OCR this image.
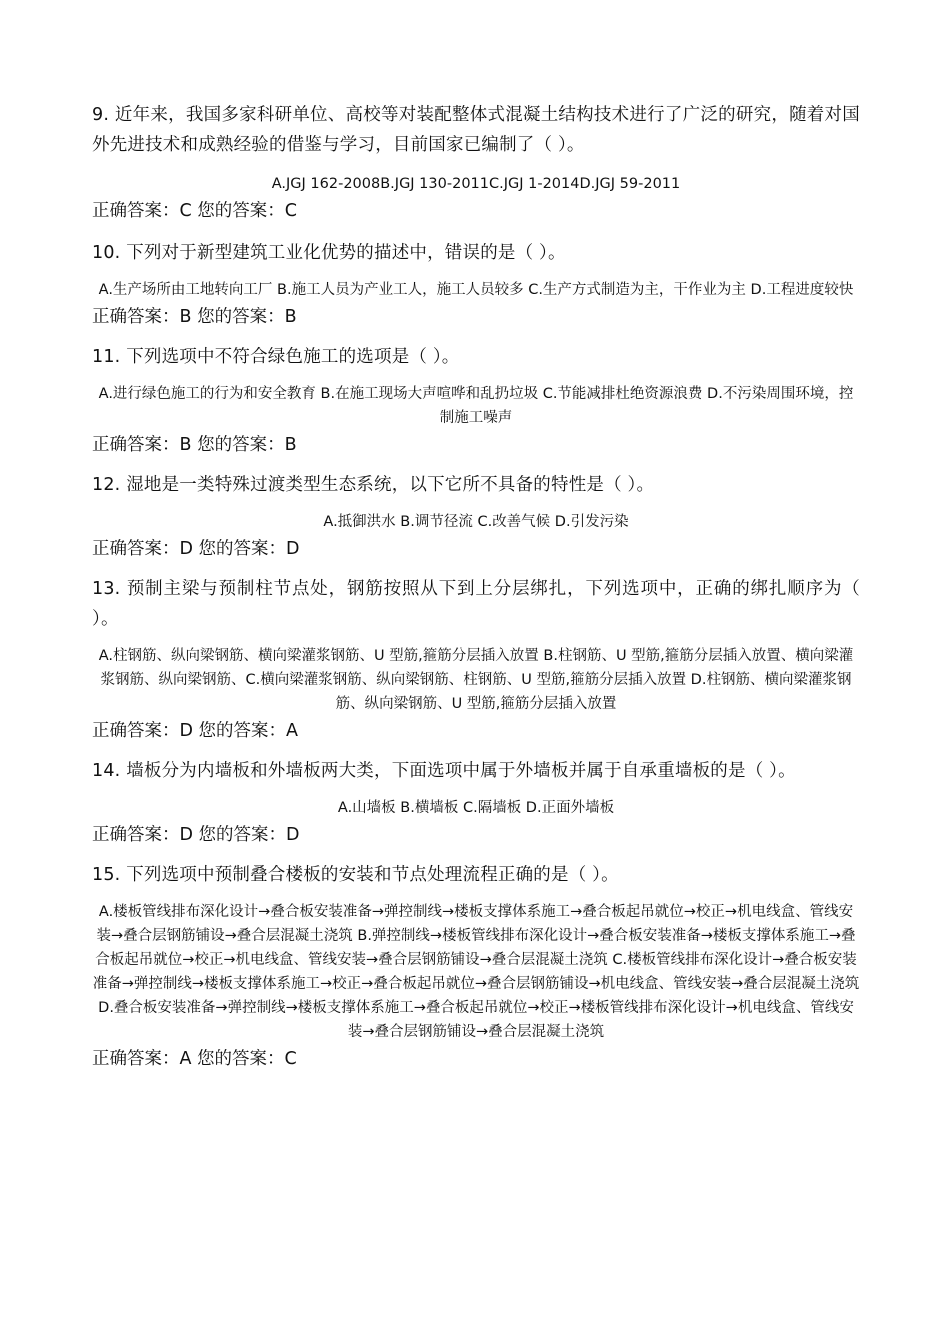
9. 近年来，我国多家科研单位、高校等对装配整体式混凝土结构技术进行了广泛的研究，随着对国外先进技术和成熟经验的借鉴与学习，目前国家已编制了（ ）。

A.JGJ 162-2008B.JGJ 130-2011C.JGJ 1-2014D.JGJ 59-2011

正确答案：C 您的答案：C

10. 下列对于新型建筑工业化优势的描述中，错误的是（ ）。

A.生产场所由工地转向工厂 B.施工人员为产业工人，施工人员较多 C.生产方式制造为主，干作业为主 D.工程进度较快

正确答案：B 您的答案：B

11. 下列选项中不符合绿色施工的选项是（ ）。

A.进行绿色施工的行为和安全教育 B.在施工现场大声喧哗和乱扔垃圾 C.节能减排杜绝资源浪费 D.不污染周围环境，控制施工噪声

正确答案：B 您的答案：B

12. 湿地是一类特殊过渡类型生态系统，以下它所不具备的特性是（ ）。

A.抵御洪水 B.调节径流 C.改善气候 D.引发污染

正确答案：D 您的答案：D

13. 预制主梁与预制柱节点处，钢筋按照从下到上分层绑扎，下列选项中，正确的绑扎顺序为（ ）。

A.柱钢筋、纵向梁钢筋、横向梁灌浆钢筋、U 型筋,箍筋分层插入放置 B.柱钢筋、U 型筋,箍筋分层插入放置、横向梁灌浆钢筋、纵向梁钢筋、C.横向梁灌浆钢筋、纵向梁钢筋、柱钢筋、U 型筋,箍筋分层插入放置 D.柱钢筋、横向梁灌浆钢筋、纵向梁钢筋、U 型筋,箍筋分层插入放置

正确答案：D 您的答案：A

14. 墙板分为内墙板和外墙板两大类，下面选项中属于外墙板并属于自承重墙板的是（ ）。

A.山墙板 B.横墙板 C.隔墙板 D.正面外墙板

正确答案：D 您的答案：D

15. 下列选项中预制叠合楼板的安装和节点处理流程正确的是（ ）。

A.楼板管线排布深化设计→叠合板安装准备→弹控制线→楼板支撑体系施工→叠合板起吊就位→校正→机电线盒、管线安装→叠合层钢筋铺设→叠合层混凝土浇筑 B.弹控制线→楼板管线排布深化设计→叠合板安装准备→楼板支撑体系施工→叠合板起吊就位→校正→机电线盒、管线安装→叠合层钢筋铺设→叠合层混凝土浇筑 C.楼板管线排布深化设计→叠合板安装准备→弹控制线→楼板支撑体系施工→校正→叠合板起吊就位→叠合层钢筋铺设→机电线盒、管线安装→叠合层混凝土浇筑 D.叠合板安装准备→弹控制线→楼板支撑体系施工→叠合板起吊就位→校正→楼板管线排布深化设计→机电线盒、管线安装→叠合层钢筋铺设→叠合层混凝土浇筑

正确答案：A 您的答案：C
